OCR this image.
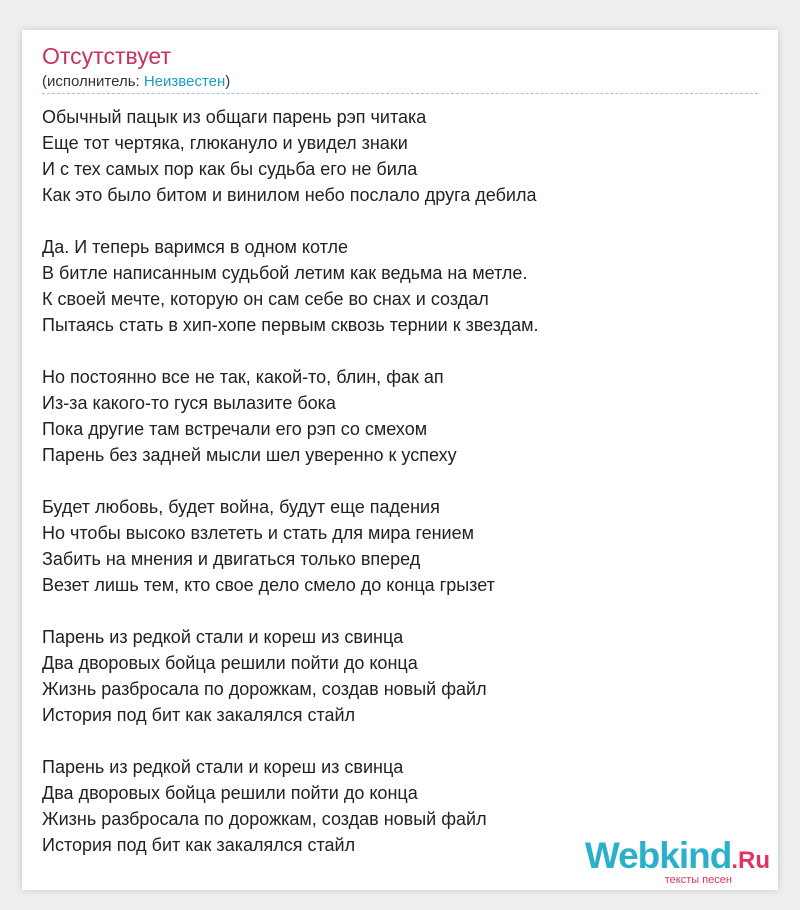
Отсутствует
(исполнитель: Неизвестен)
Обычный пацык из общаги парень рэп читака
Еще тот чертяка, глюкануло и увидел знаки
И с тех самых пор как бы судьба его не била
Как это было битом и винилом небо послало друга дебила
Да. И теперь варимся в одном котле
В битле написанным судьбой летим как ведьма на метле.
К своей мечте, которую он сам себе во снах и создал
Пытаясь стать в хип-хопе первым сквозь тернии к звездам.
Но постоянно все не так, какой-то, блин, фак ап
Из-за какого-то гуся вылазите бока
Пока другие там встречали его рэп со смехом
Парень без задней мысли шел уверенно к успеху
Будет любовь, будет война, будут еще падения
Но чтобы высоко взлететь и стать для мира гением
Забить на мнения и двигаться только вперед
Везет лишь тем, кто свое дело смело до конца грызет
Парень из редкой стали и кореш из свинца
Два дворовых бойца решили пойти до конца
Жизнь разбросала по дорожкам, создав новый файл
История под бит как закалялся стайл
Парень из редкой стали и кореш из свинца
Два дворовых бойца решили пойти до конца
Жизнь разбросала по дорожкам, создав новый файл
История под бит как закалялся стайл	Webkind.Ru
тексты песен
